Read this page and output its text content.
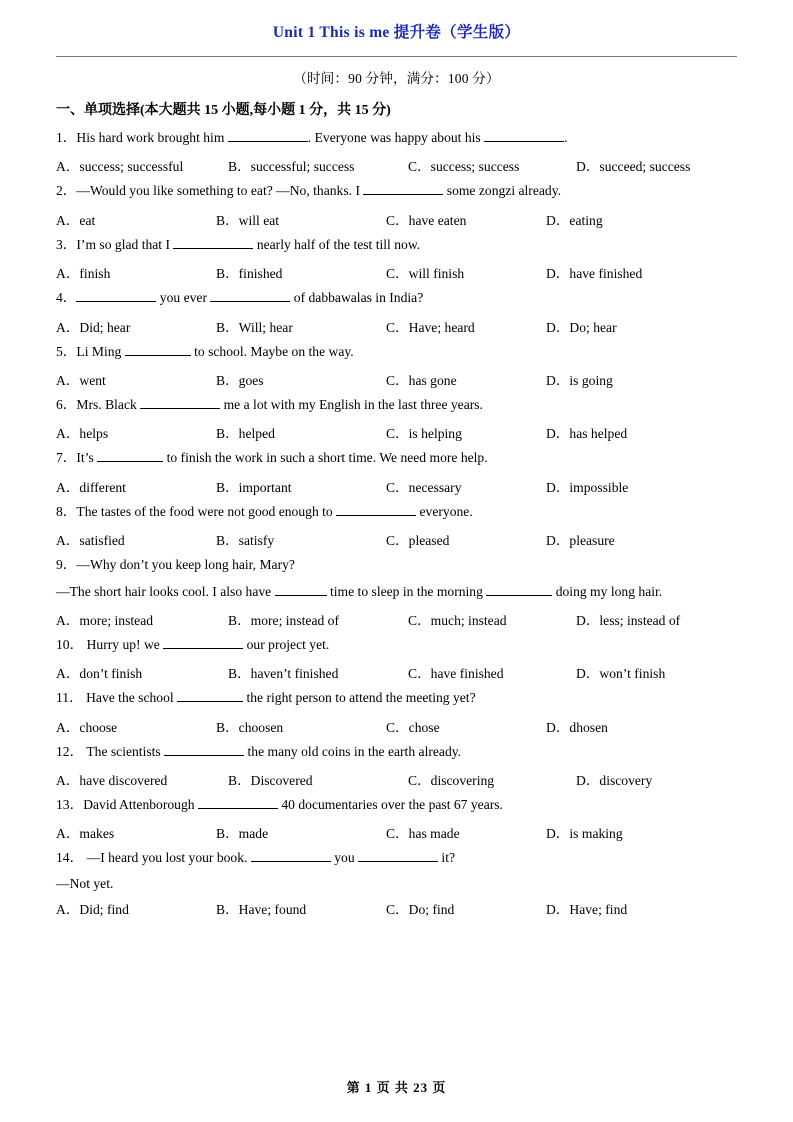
Unit 1 This is me 提升卷（学生版）
（时间：90 分钟，满分：100 分）
一、单项选择(本大题共 15 小题,每小题 1 分，共 15 分)
1．His hard work brought him	. Everyone was happy about his	.
A．success; successful	B．successful; success	C．success; success	D．succeed; success
2．—Would you like something to eat? —No, thanks. I	some zongzi already.
A．eat	B．will eat	C．have eaten	D．eating
3．I’m so glad that I	nearly half of the test till now.
A．finish	B．finished	C．will finish	D．have finished
4．	you ever	of dabbawalas in India?
A．Did; hear	B．Will; hear	C．Have; heard	D．Do; hear
5．Li Ming	to school. Maybe on the way.
A．went	B．goes	C．has gone	D．is going
6．Mrs. Black	me a lot with my English in the last three years.
A．helps	B．helped	C．is helping	D．has helped
7．It’s	to finish the work in such a short time. We need more help.
A．different	B．important	C．necessary	D．impossible
8．The tastes of the food were not good enough to	everyone.
A．satisfied	B．satisfy	C．pleased	D．pleasure
9．—Why don’t you keep long hair, Mary?
—The short hair looks cool. I also have	time to sleep in the morning	doing my long hair.
A．more; instead	B．more; instead of	C．much; instead	D．less; instead of
10． Hurry up! we	our project yet.
A．don’t finish	B．haven’t finished	C．have finished	D．won’t finish
11． Have the school	the right person to attend the meeting yet?
A．choose	B．choosen	C．chose	D．dhosen
12． The scientists	the many old coins in the earth already.
A．have discovered	B．Discovered	C．discovering	D．discovery
13．David Attenborough	40 documentaries over the past 67 years.
A．makes	B．made	C．has made	D．is making
14． —I heard you lost your book.	you	it?
—Not yet.
A．Did; find	B．Have; found	C．Do; find	D．Have; find
第 1 页 共 23 页
